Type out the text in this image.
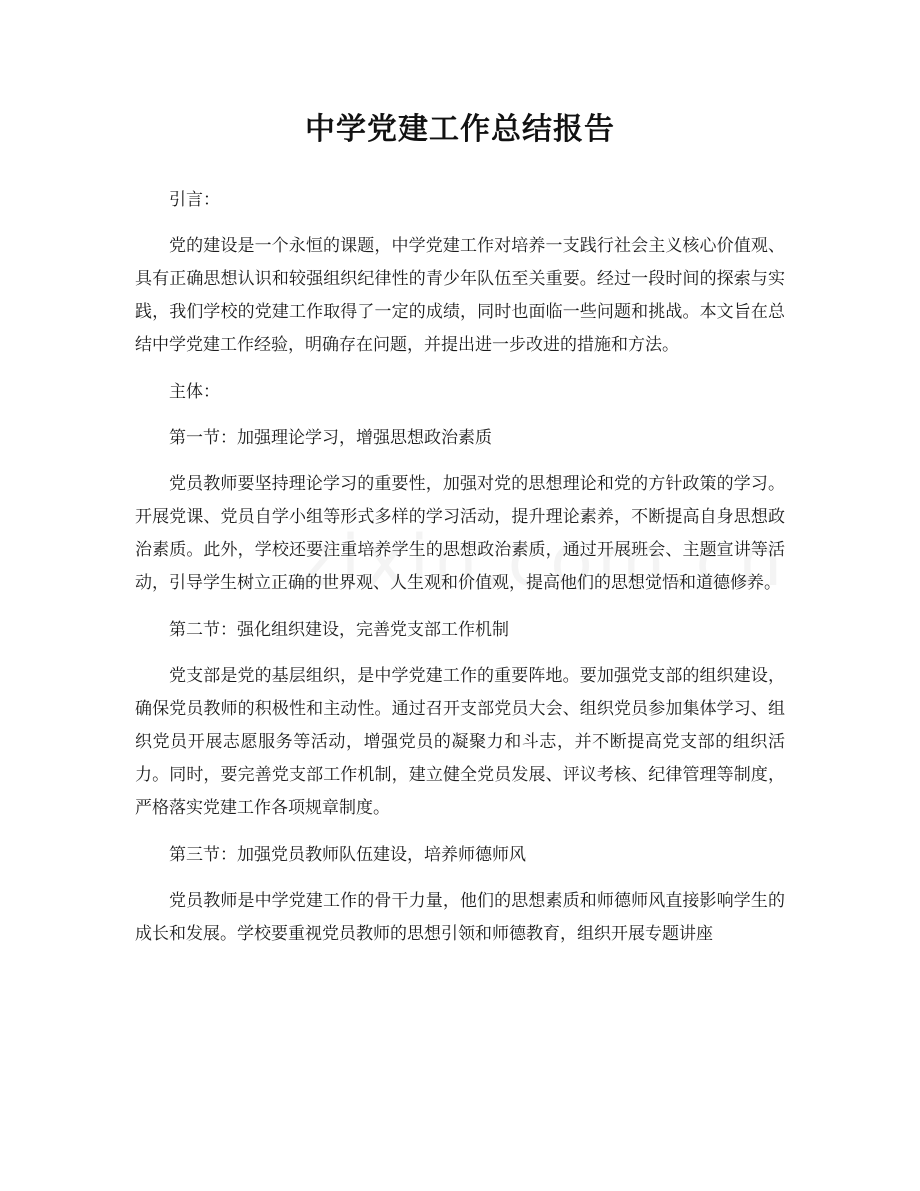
中学党建工作总结报告

引言：

党的建设是一个永恒的课题，中学党建工作对培养一支践行社会主义核心价值观、具有正确思想认识和较强组织纪律性的青少年队伍至关重要。经过一段时间的探索与实践，我们学校的党建工作取得了一定的成绩，同时也面临一些问题和挑战。本文旨在总结中学党建工作经验，明确存在问题，并提出进一步改进的措施和方法。

主体：

第一节：加强理论学习，增强思想政治素质

党员教师要坚持理论学习的重要性，加强对党的思想理论和党的方针政策的学习。开展党课、党员自学小组等形式多样的学习活动，提升理论素养，不断提高自身思想政治素质。此外，学校还要注重培养学生的思想政治素质，通过开展班会、主题宣讲等活动，引导学生树立正确的世界观、人生观和价值观，提高他们的思想觉悟和道德修养。

第二节：强化组织建设，完善党支部工作机制

党支部是党的基层组织，是中学党建工作的重要阵地。要加强党支部的组织建设，确保党员教师的积极性和主动性。通过召开支部党员大会、组织党员参加集体学习、组织党员开展志愿服务等活动，增强党员的凝聚力和斗志，并不断提高党支部的组织活力。同时，要完善党支部工作机制，建立健全党员发展、评议考核、纪律管理等制度，严格落实党建工作各项规章制度。

第三节：加强党员教师队伍建设，培养师德师风

党员教师是中学党建工作的骨干力量，他们的思想素质和师德师风直接影响学生的成长和发展。学校要重视党员教师的思想引领和师德教育，组织开展专题讲座
